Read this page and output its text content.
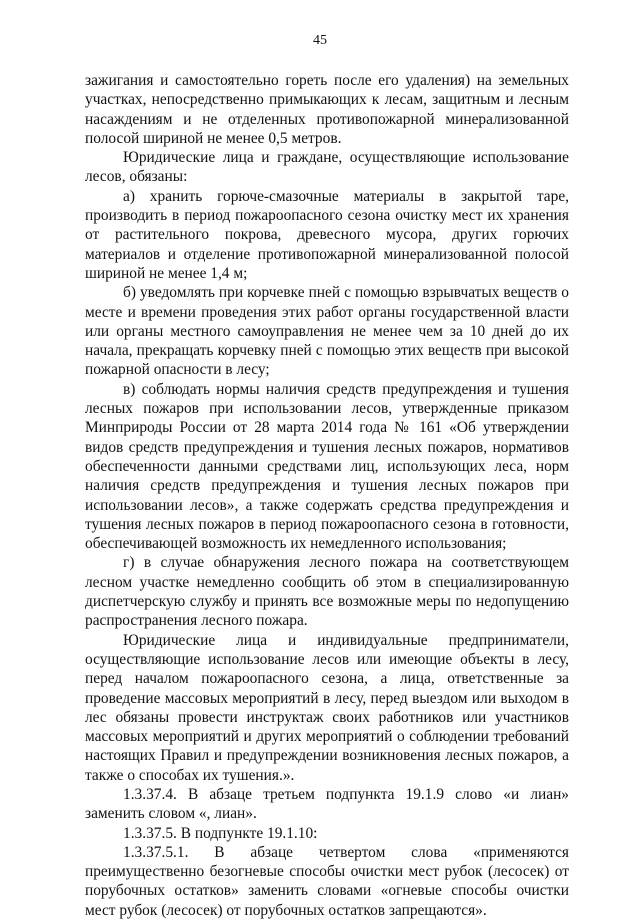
45

зажигания и самостоятельно гореть после его удаления) на земельных участках, непосредственно примыкающих к лесам, защитным и лесным насаждениям и не отделенных противопожарной минерализованной полосой шириной не менее 0,5 метров.

Юридические лица и граждане, осуществляющие использование лесов, обязаны:

а) хранить горюче-смазочные материалы в закрытой таре, производить в период пожароопасного сезона очистку мест их хранения от растительного покрова, древесного мусора, других горючих материалов и отделение противопожарной минерализованной полосой шириной не менее 1,4 м;

б) уведомлять при корчевке пней с помощью взрывчатых веществ о месте и времени проведения этих работ органы государственной власти или органы местного самоуправления не менее чем за 10 дней до их начала, прекращать корчевку пней с помощью этих веществ при высокой пожарной опасности в лесу;

в) соблюдать нормы наличия средств предупреждения и тушения лесных пожаров при использовании лесов, утвержденные приказом Минприроды России от 28 марта 2014 года № 161 «Об утверждении видов средств предупреждения и тушения лесных пожаров, нормативов обеспеченности данными средствами лиц, использующих леса, норм наличия средств предупреждения и тушения лесных пожаров при использовании лесов», а также содержать средства предупреждения и тушения лесных пожаров в период пожароопасного сезона в готовности, обеспечивающей возможность их немедленного использования;

г) в случае обнаружения лесного пожара на соответствующем лесном участке немедленно сообщить об этом в специализированную диспетчерскую службу и принять все возможные меры по недопущению распространения лесного пожара.

Юридические лица и индивидуальные предприниматели, осуществляющие использование лесов или имеющие объекты в лесу, перед началом пожароопасного сезона, а лица, ответственные за проведение массовых мероприятий в лесу, перед выездом или выходом в лес обязаны провести инструктаж своих работников или участников массовых мероприятий и других мероприятий о соблюдении требований настоящих Правил и предупреждении возникновения лесных пожаров, а также о способах их тушения.».

1.3.37.4. В абзаце третьем подпункта 19.1.9 слово «и лиан» заменить словом «, лиан».

1.3.37.5. В подпункте 19.1.10:

1.3.37.5.1. В абзаце четвертом слова «применяются преимущественно безогневые способы очистки мест рубок (лесосек) от порубочных остатков» заменить словами «огневые способы очистки мест рубок (лесосек) от порубочных остатков запрещаются».
